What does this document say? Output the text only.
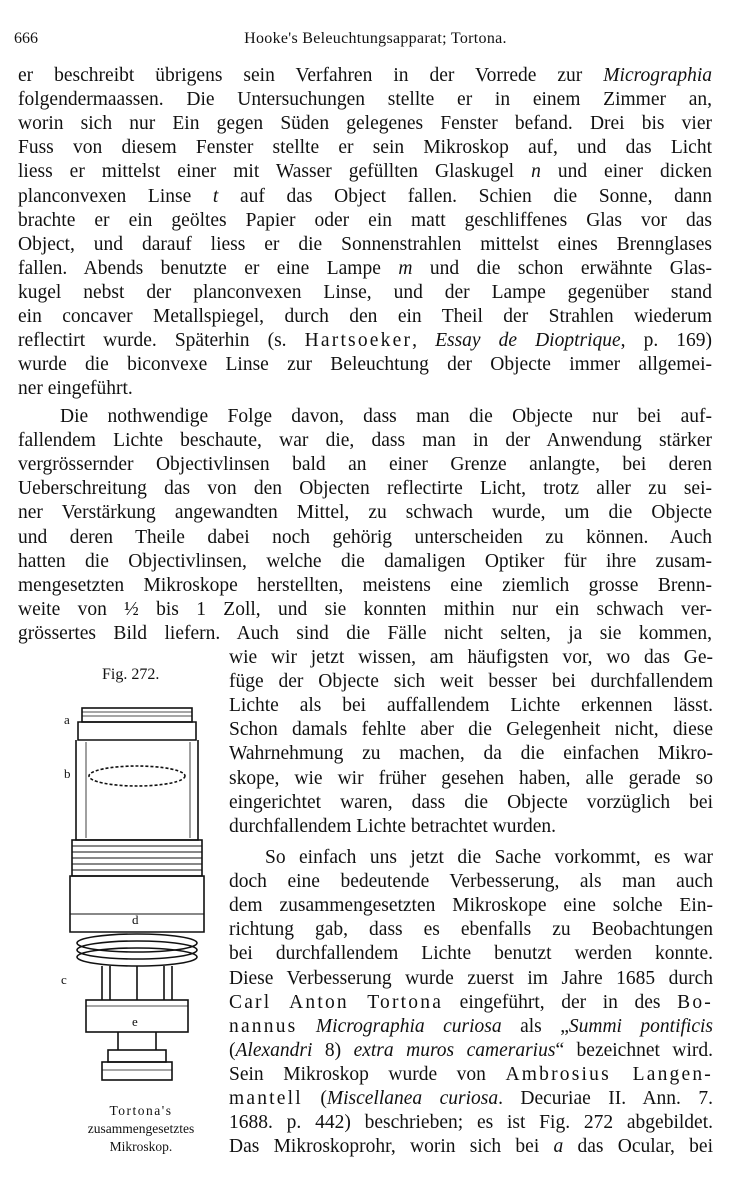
666	Hooke's Beleuchtungsapparat; Tortona.
er beschreibt übrigens sein Verfahren in der Vorrede zur Micrographia
folgendermaassen. Die Untersuchungen stellte er in einem Zimmer an,
worin sich nur Ein gegen Süden gelegenes Fenster befand. Drei bis vier
Fuss von diesem Fenster stellte er sein Mikroskop auf, und das Licht
liess er mittelst einer mit Wasser gefüllten Glaskugel n und einer dicken
planconvexen Linse t auf das Object fallen. Schien die Sonne, dann
brachte er ein geöltes Papier oder ein matt geschliffenes Glas vor das
Object, und darauf liess er die Sonnenstrahlen mittelst eines Brennglases
fallen. Abends benutzte er eine Lampe m und die schon erwähnte Glas-
kugel nebst der planconvexen Linse, und der Lampe gegenüber stand
ein concaver Metallspiegel, durch den ein Theil der Strahlen wiederum
reflectirt wurde. Späterhin (s. Hartsoeker, Essay de Dioptrique, p. 169)
wurde die biconvexe Linse zur Beleuchtung der Objecte immer allgemei-
ner eingeführt.
Die nothwendige Folge davon, dass man die Objecte nur bei auf-
fallendem Lichte beschaute, war die, dass man in der Anwendung stärker
vergrössernder Objectivlinsen bald an einer Grenze anlangte, bei deren
Ueberschreitung das von den Objecten reflectirte Licht, trotz aller zu sei-
ner Verstärkung angewandten Mittel, zu schwach wurde, um die Objecte
und deren Theile dabei noch gehörig unterscheiden zu können. Auch
hatten die Objectivlinsen, welche die damaligen Optiker für ihre zusam-
mengesetzten Mikroskope herstellten, meistens eine ziemlich grosse Brenn-
weite von ½ bis 1 Zoll, und sie konnten mithin nur ein schwach ver-
grössertes Bild liefern. Auch sind die Fälle nicht selten, ja sie kommen,
wie wir jetzt wissen, am häufigsten vor, wo das Ge-
füge der Objecte sich weit besser bei durchfallendem
Lichte als bei auffallendem Lichte erkennen lässt.
Schon damals fehlte aber die Gelegenheit nicht, diese
Wahrnehmung zu machen, da die einfachen Mikro-
skope, wie wir früher gesehen haben, alle gerade so
eingerichtet waren, dass die Objecte vorzüglich bei
durchfallendem Lichte betrachtet wurden.
So einfach uns jetzt die Sache vorkommt, es war
doch eine bedeutende Verbesserung, als man auch
dem zusammengesetzten Mikroskope eine solche Ein-
richtung gab, dass es ebenfalls zu Beobachtungen
bei durchfallendem Lichte benutzt werden konnte.
Diese Verbesserung wurde zuerst im Jahre 1685 durch
Carl Anton Tortona eingeführt, der in des Bo-
nannus Micrographia curiosa als „Summi pontificis
(Alexandri 8) extra muros camerarius“ bezeichnet wird.
Sein Mikroskop wurde von Ambrosius Langen-
mantell (Miscellanea curiosa. Decuriae II. Ann. 7.
1688. p. 442) beschrieben; es ist Fig. 272 abgebildet.
Das Mikroskoprohr, worin sich bei a das Ocular, bei
Fig. 272.
a
b
d
c
e
Tortona's
zusammengesetztes
Mikroskop.
